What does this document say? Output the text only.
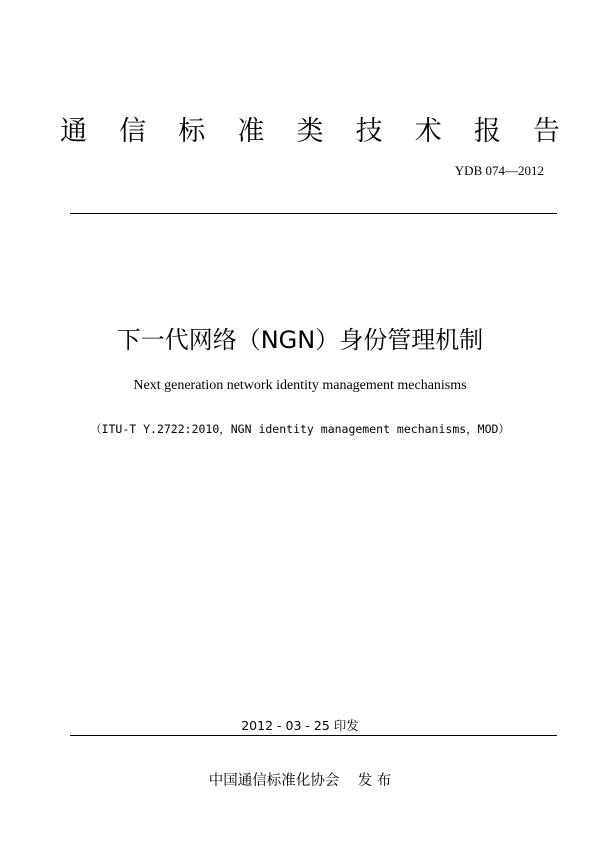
通 信 标 准 类 技 术 报 告
YDB 074—2012
下一代网络（NGN）身份管理机制
Next generation network identity management mechanisms
（ITU-T Y.2722:2010，NGN identity management mechanisms，MOD）
2012 - 03 - 25 印发
中国通信标准化协会    发 布
